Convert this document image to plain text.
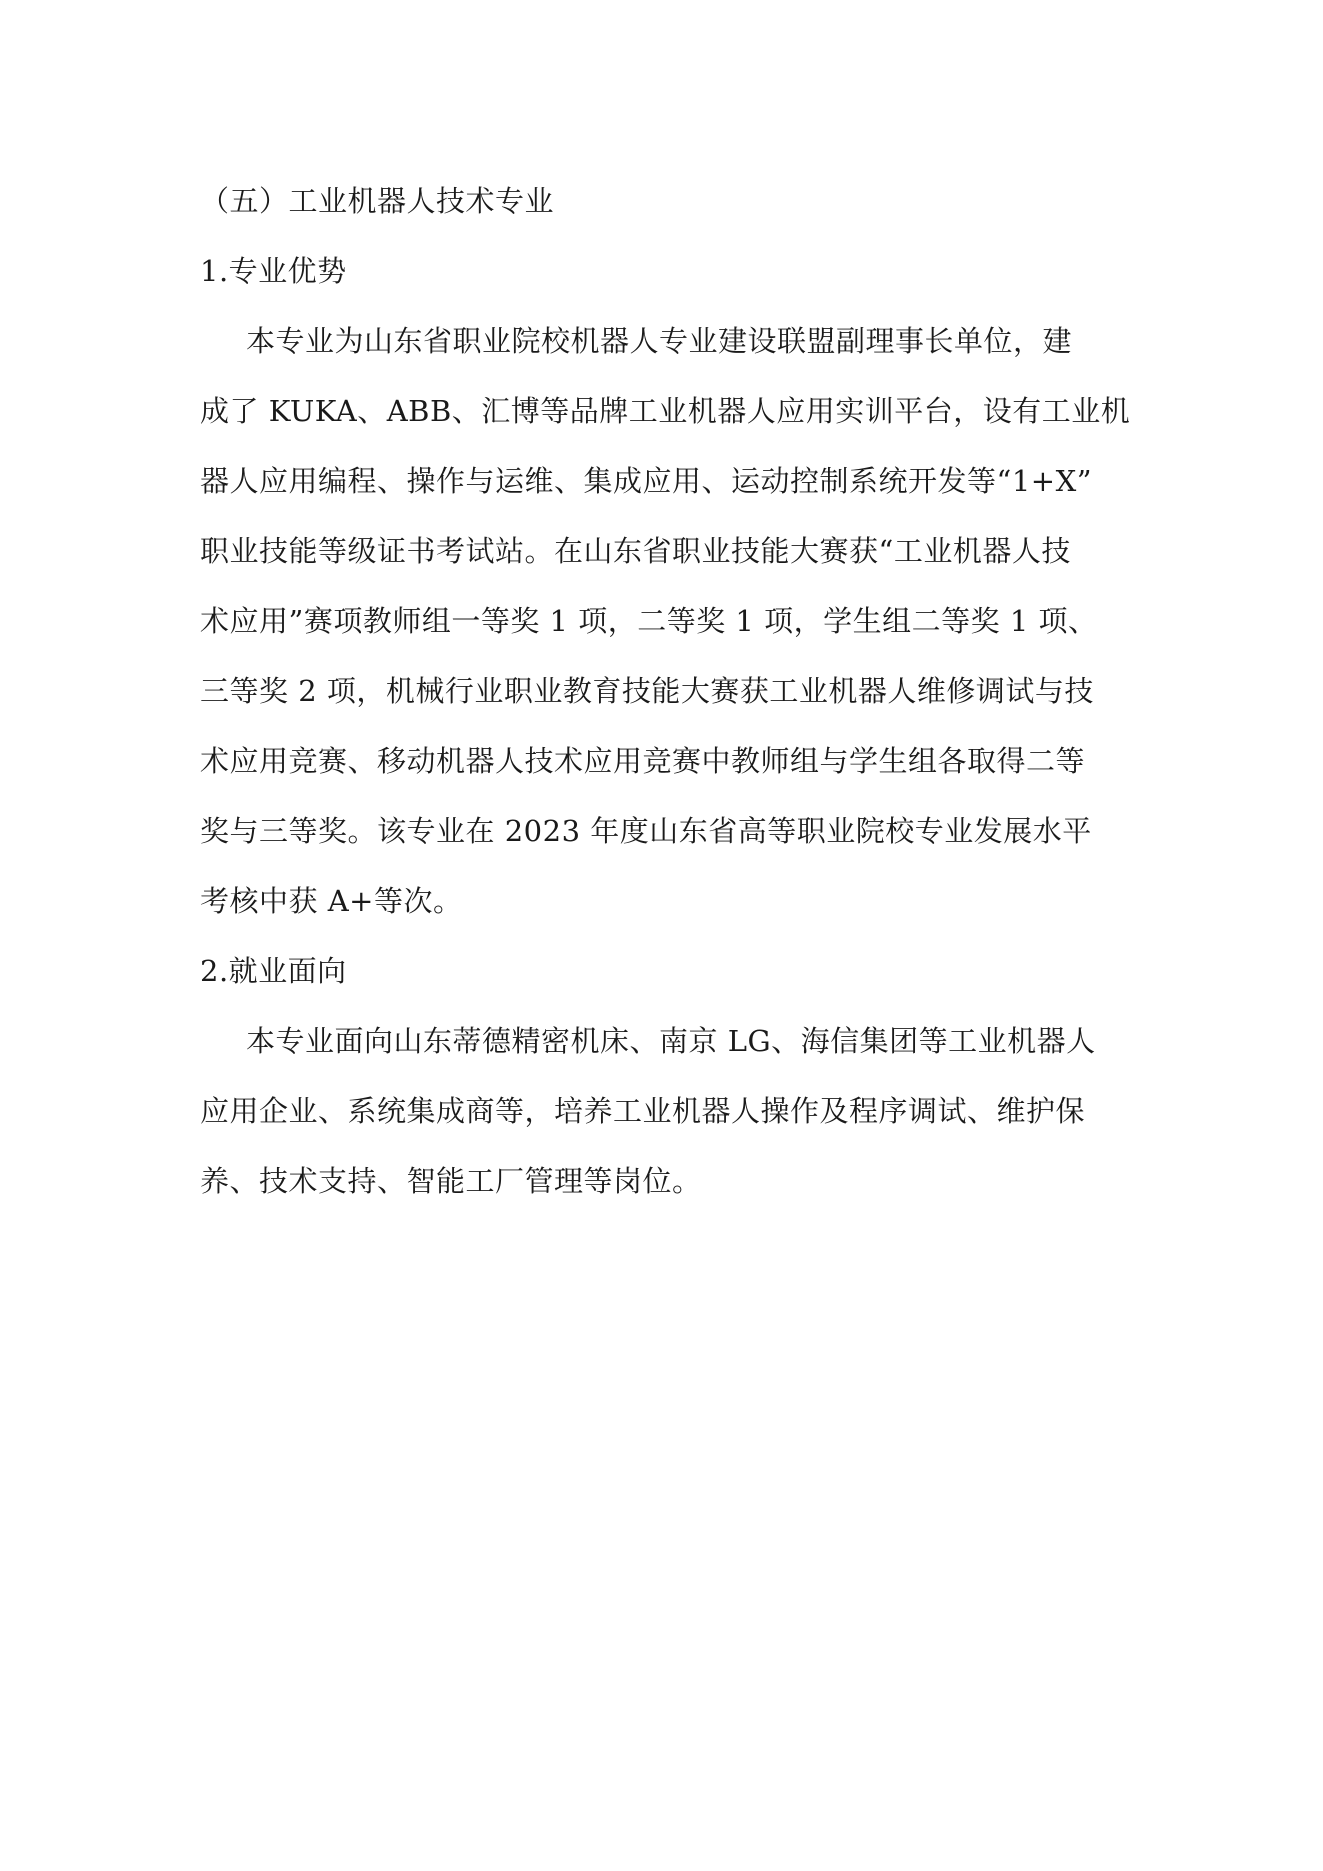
（五）工业机器人技术专业

1.专业优势

本专业为山东省职业院校机器人专业建设联盟副理事长单位，建
成了 KUKA、ABB、汇博等品牌工业机器人应用实训平台，设有工业机
器人应用编程、操作与运维、集成应用、运动控制系统开发等“1+X”
职业技能等级证书考试站。在山东省职业技能大赛获“工业机器人技
术应用”赛项教师组一等奖 1 项，二等奖 1 项，学生组二等奖 1 项、
三等奖 2 项，机械行业职业教育技能大赛获工业机器人维修调试与技
术应用竞赛、移动机器人技术应用竞赛中教师组与学生组各取得二等
奖与三等奖。该专业在 2023 年度山东省高等职业院校专业发展水平
考核中获 A+等次。

2.就业面向

本专业面向山东蒂德精密机床、南京 LG、海信集团等工业机器人
应用企业、系统集成商等，培养工业机器人操作及程序调试、维护保
养、技术支持、智能工厂管理等岗位。
